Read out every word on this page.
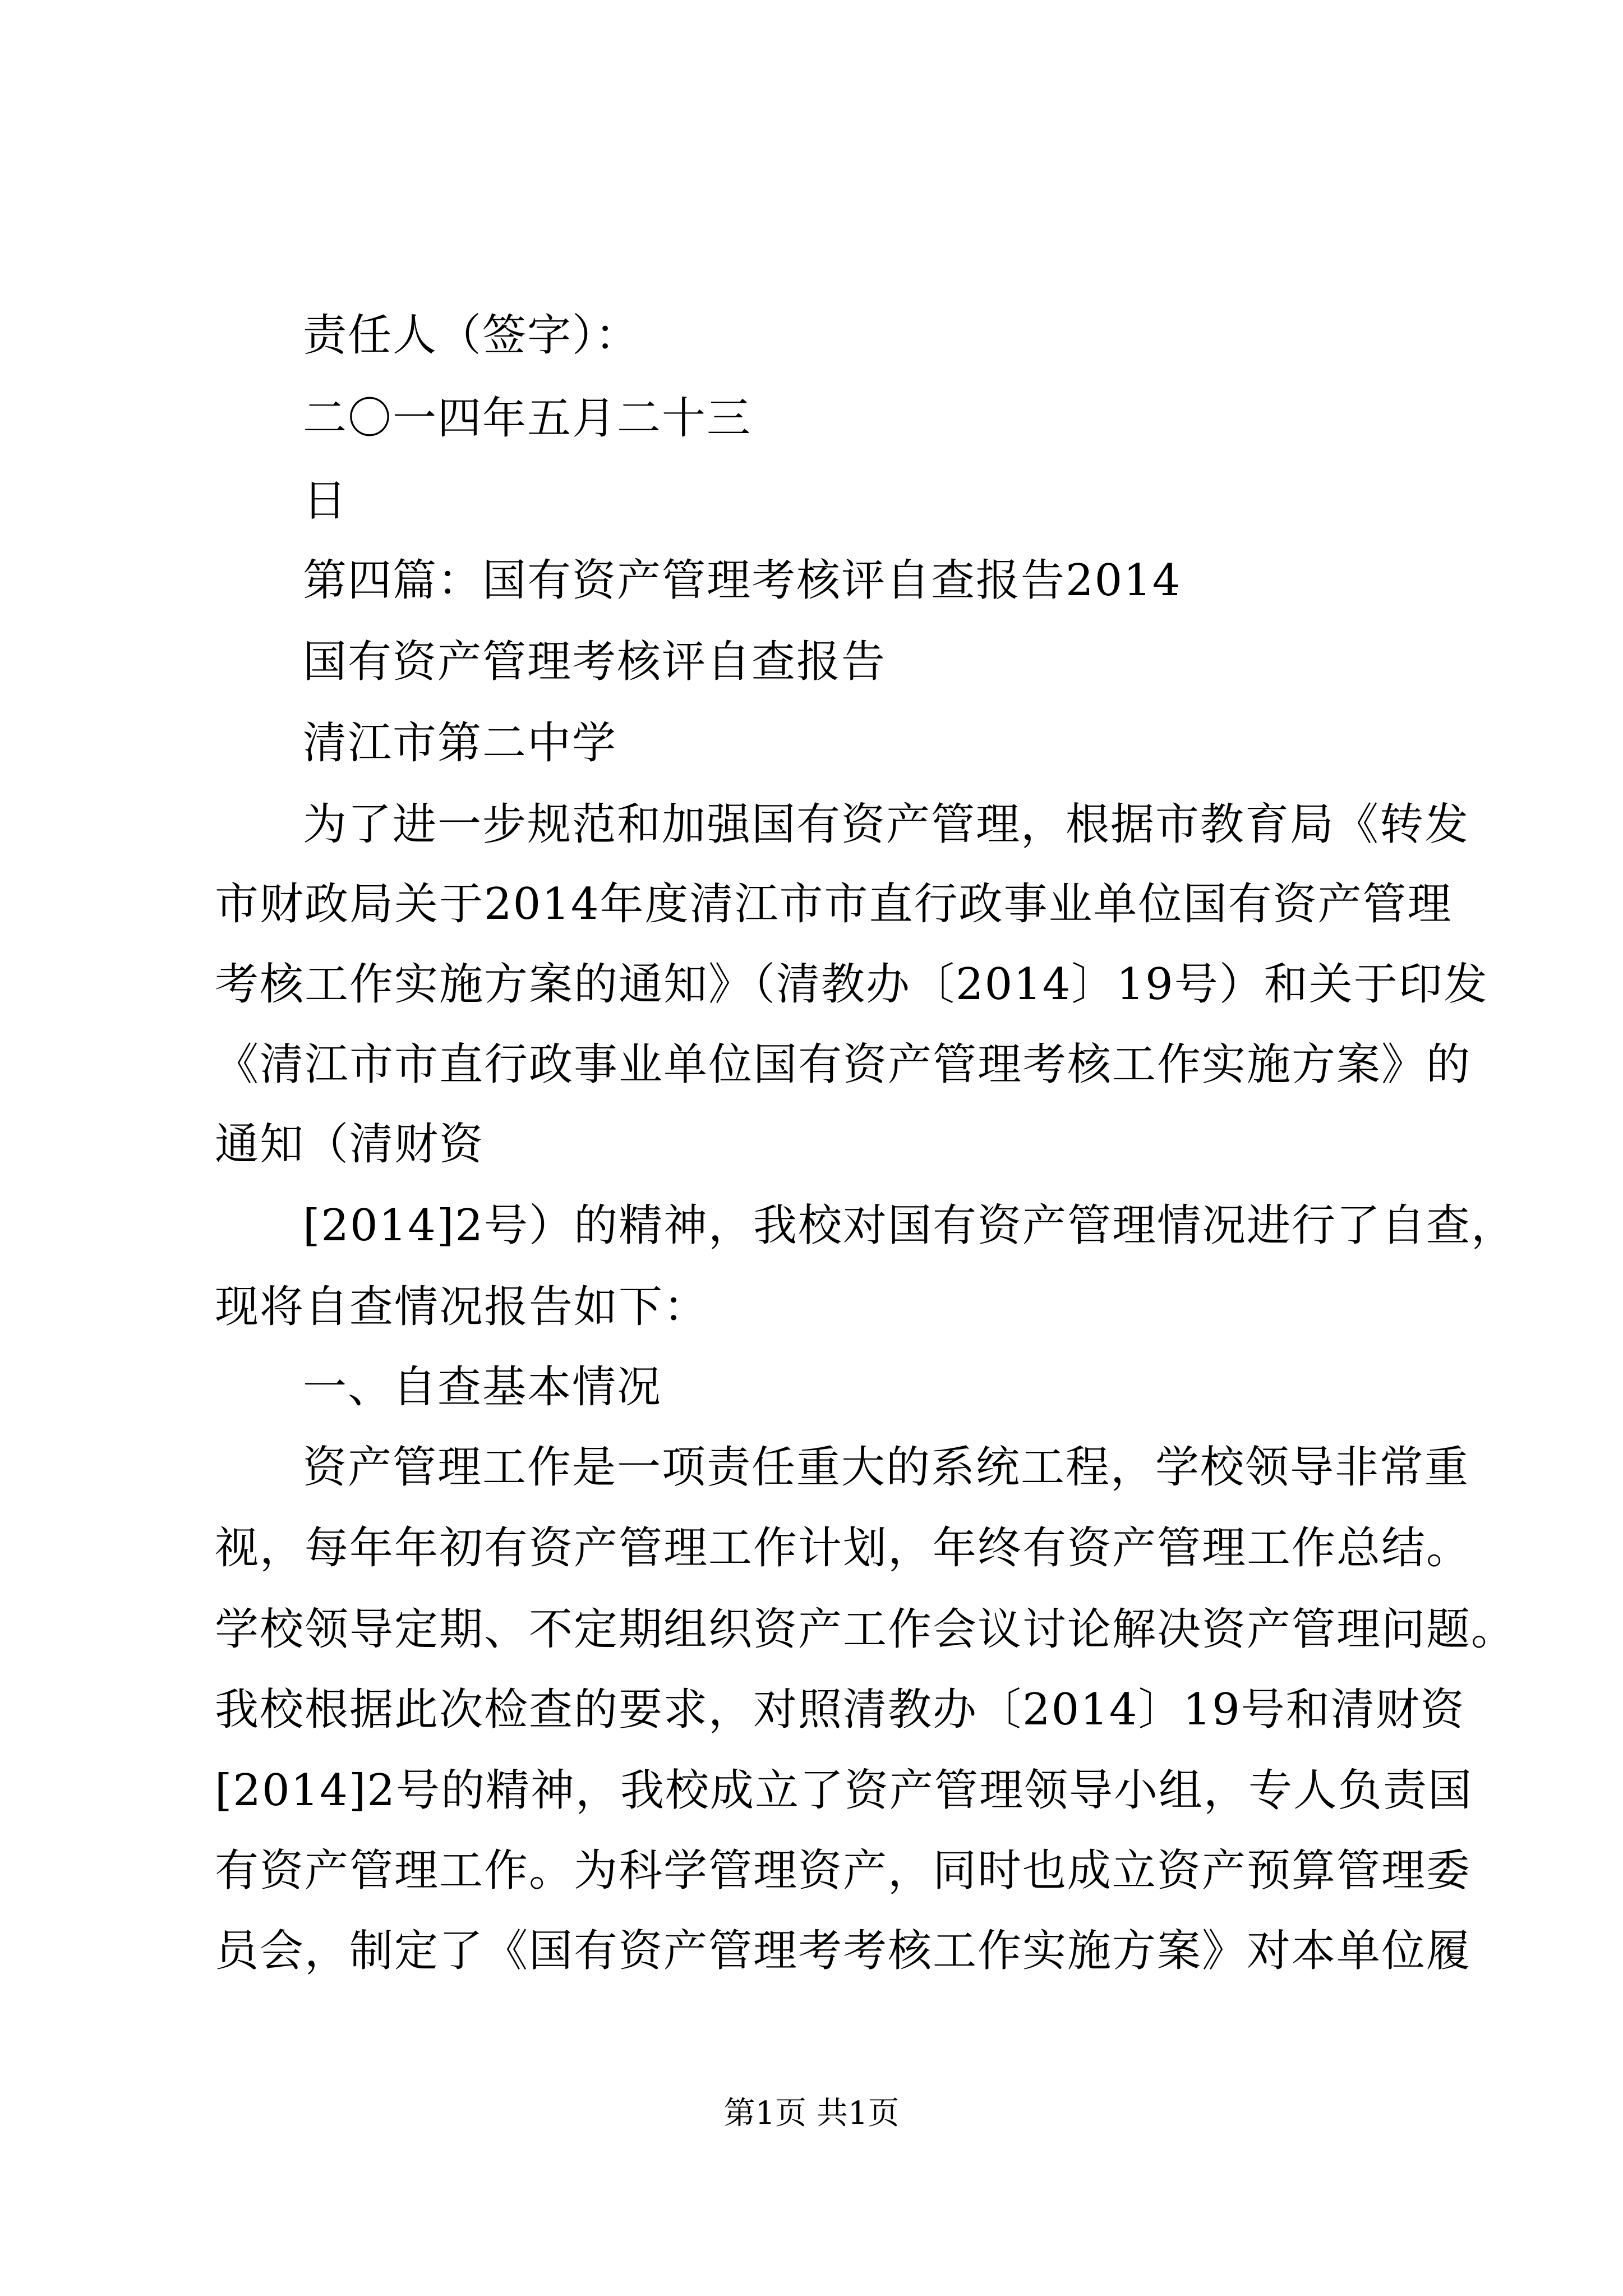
责任人（签字）：
二〇一四年五月二十三
日
第四篇：国有资产管理考核评自查报告2014
国有资产管理考核评自查报告
清江市第二中学
为了进一步规范和加强国有资产管理，根据市教育局《转发
市财政局关于2014年度清江市市直行政事业单位国有资产管理
考核工作实施方案的通知》（清教办〔2014〕19号）和关于印发
《清江市市直行政事业单位国有资产管理考核工作实施方案》的
通知（清财资
[2014]2号）的精神，我校对国有资产管理情况进行了自查，
现将自查情况报告如下：
一、自查基本情况
资产管理工作是一项责任重大的系统工程，学校领导非常重
视，每年年初有资产管理工作计划，年终有资产管理工作总结。
学校领导定期、不定期组织资产工作会议讨论解决资产管理问题。
我校根据此次检查的要求，对照清教办〔2014〕19号和清财资
[2014]2号的精神，我校成立了资产管理领导小组，专人负责国
有资产管理工作。为科学管理资产，同时也成立资产预算管理委
员会，制定了《国有资产管理考考核工作实施方案》对本单位履
第1页 共1页
